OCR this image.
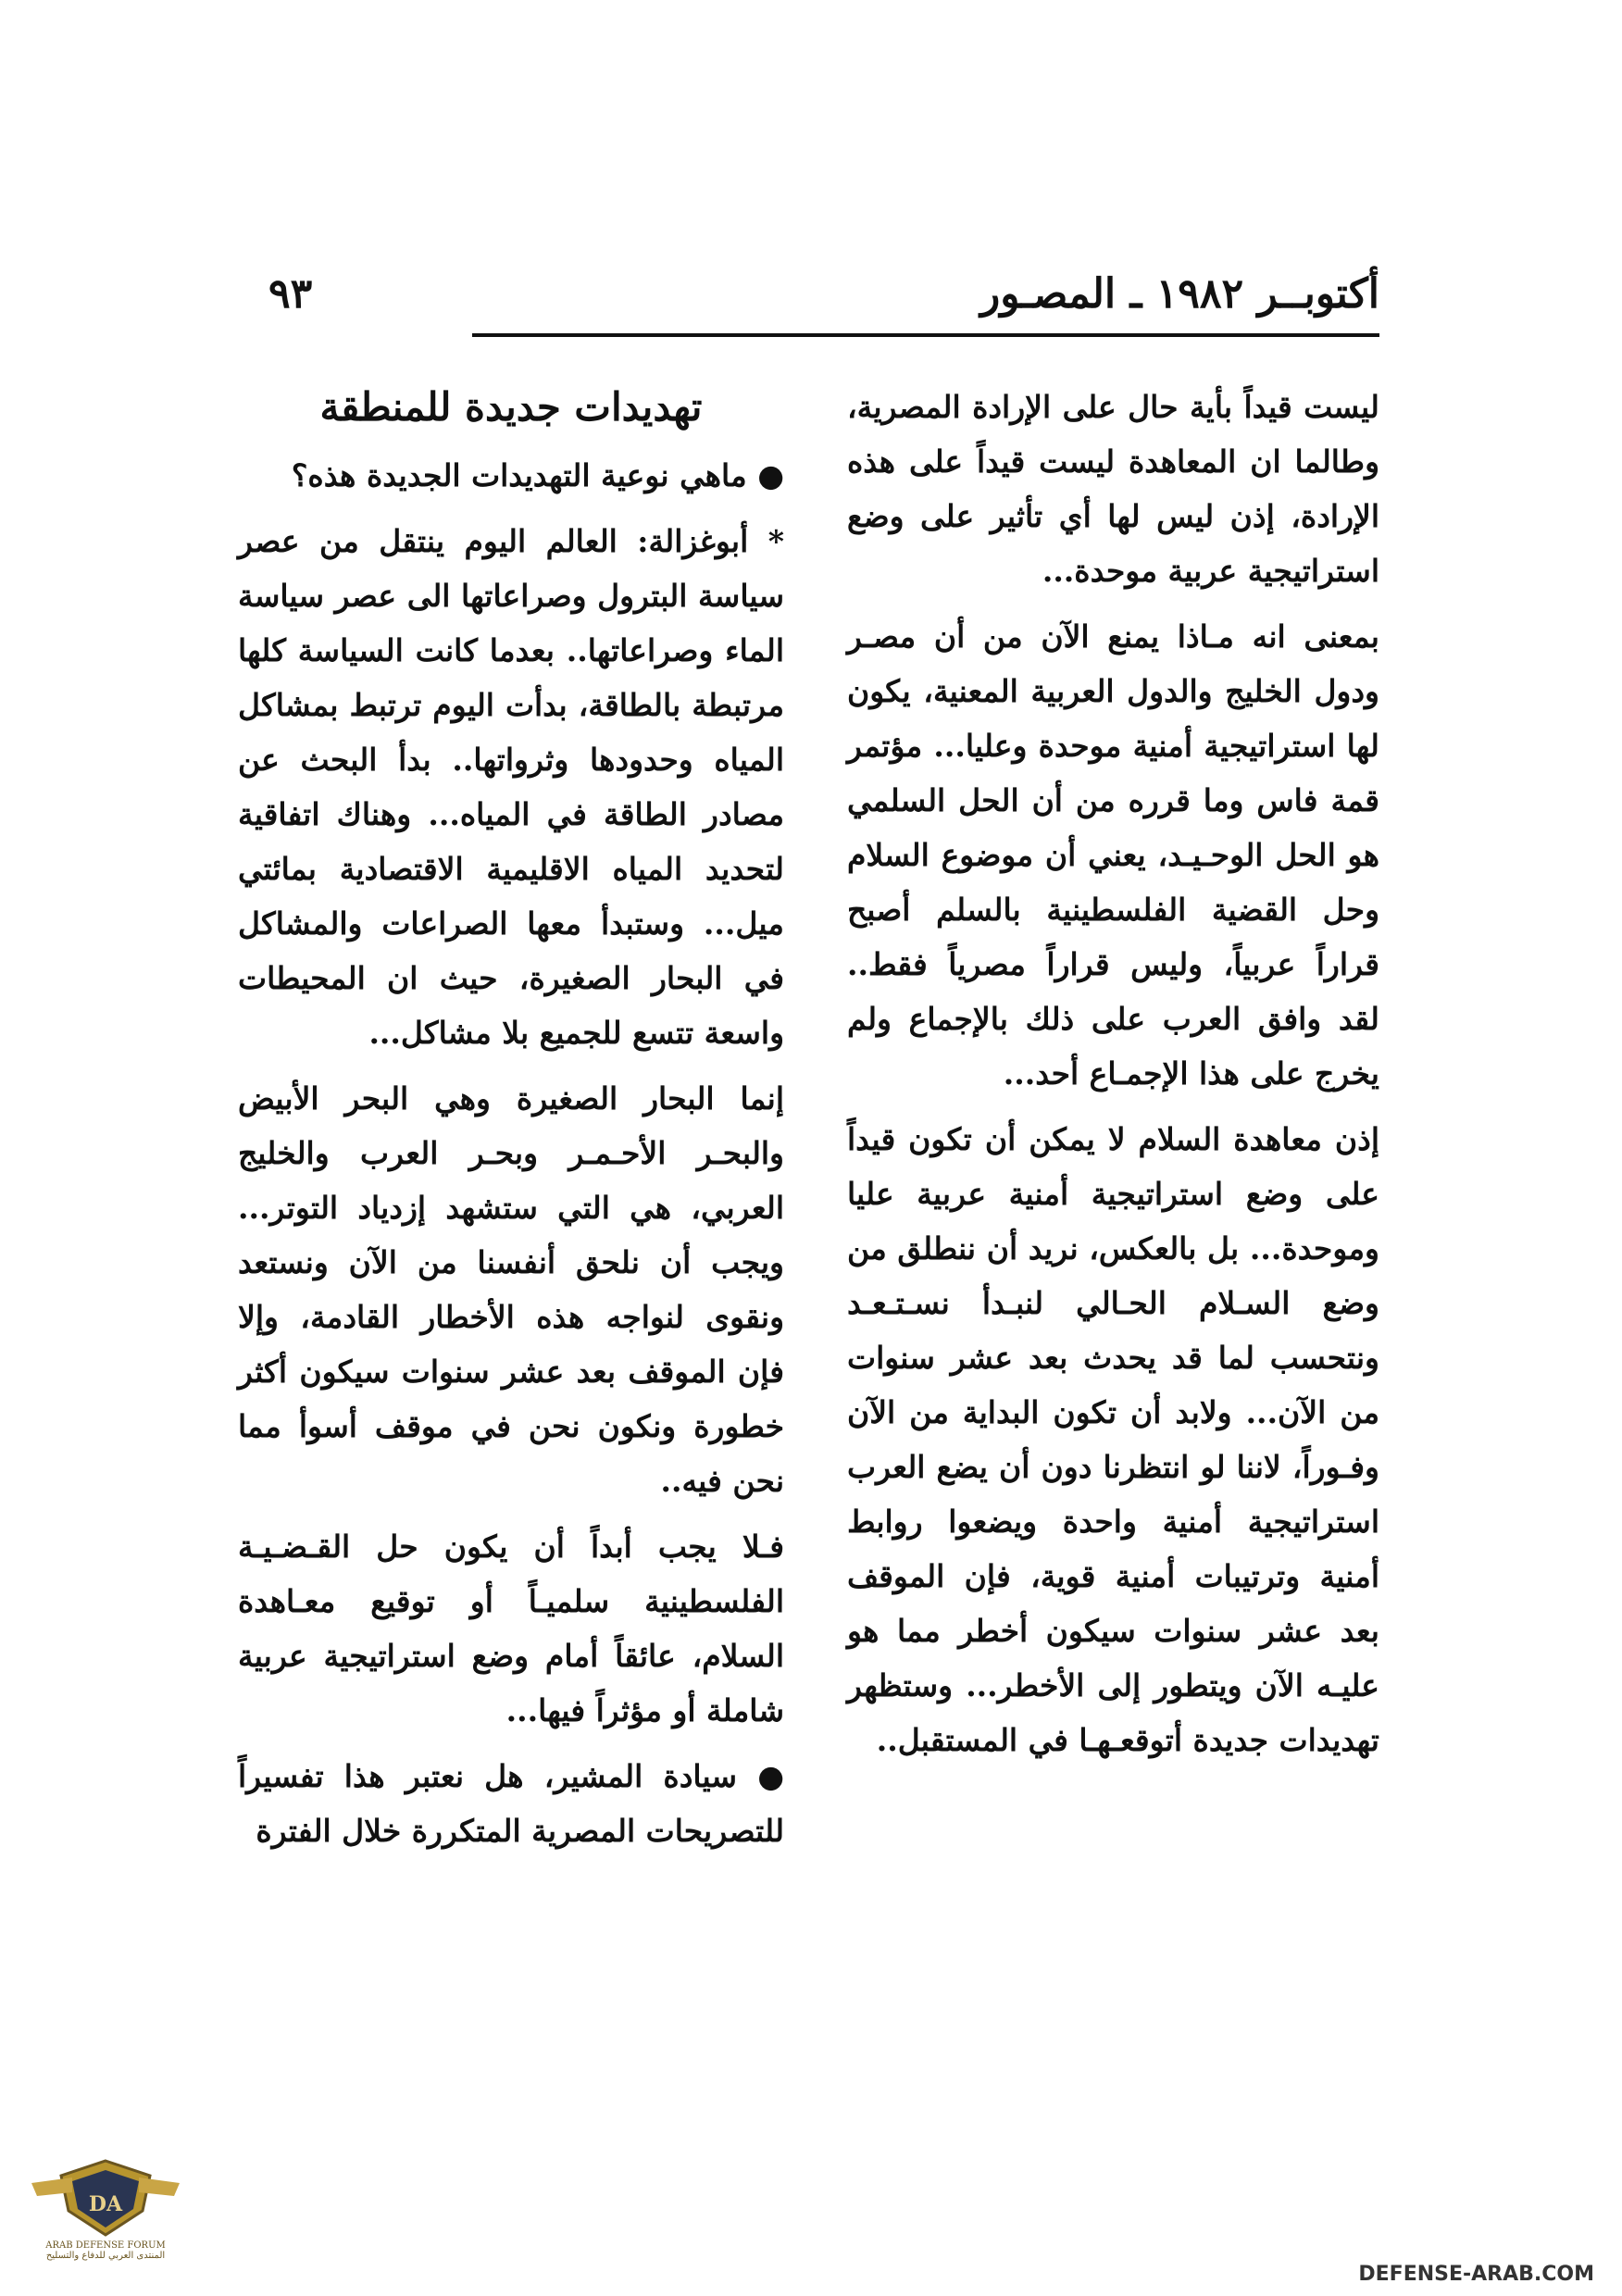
أكتوبــر ١٩٨٢ ـ المصـور
٩٣

ليست قيداً بأية حال على الإرادة المصرية، وطالما ان المعاهدة ليست قيداً على هذه الإرادة، إذن ليس لها أي تأثير على وضع استراتيجية عربية موحدة...

بمعنى انه مـاذا يمنع الآن من أن مصـر ودول الخليج والدول العربية المعنية، يكون لها استراتيجية أمنية موحدة وعليا... مؤتمر قمة فاس وما قرره من أن الحل السلمي هو الحل الوحـيـد، يعني أن موضوع السلام وحل القضية الفلسطينية بالسلم أصبح قراراً عربياً، وليس قراراً مصرياً فقط.. لقد وافق العرب على ذلك بالإجماع ولم يخرج على هذا الإجمـاع أحد...

إذن معاهدة السلام لا يمكن أن تكون قيداً على وضع استراتيجية أمنية عربية عليا وموحدة... بل بالعكس، نريد أن ننطلق من وضع السـلام الحـالي لنبـدأ نسـتـعـد ونتحسب لما قد يحدث بعد عشر سنوات من الآن... ولابد أن تكون البداية من الآن وفـوراً، لاننا لو انتظرنا دون أن يضع العرب استراتيجية أمنية واحدة ويضعوا روابط أمنية وترتيبات أمنية قوية، فإن الموقف بعد عشر سنوات سيكون أخطر مما هو عليـه الآن ويتطور إلى الأخطر... وستظهر تهديدات جديدة أتوقعـهـا في المستقبل..

تهديدات جديدة للمنطقة

● ماهي نوعية التهديدات الجديدة هذه؟

* أبوغزالة: العالم اليوم ينتقل من عصر سياسة البترول وصراعاتها الى عصر سياسة الماء وصراعاتها.. بعدما كانت السياسة كلها مرتبطة بالطاقة، بدأت اليوم ترتبط بمشاكل المياه وحدودها وثرواتها.. بدأ البحث عن مصادر الطاقة في المياه... وهناك اتفاقية لتحديد المياه الاقليمية الاقتصادية بمائتي ميل... وستبدأ معها الصراعات والمشاكل في البحار الصغيرة، حيث ان المحيطات واسعة تتسع للجميع بلا مشاكل...

إنما البحار الصغيرة وهي البحر الأبيض والبحـر الأحـمـر وبحـر العرب والخليج العربي، هي التي ستشهد إزدياد التوتر... ويجب أن نلحق أنفسنا من الآن ونستعد ونقوى لنواجه هذه الأخطار القادمة، وإلا فإن الموقف بعد عشر سنوات سيكون أكثر خطورة ونكون نحن في موقف أسوأ مما نحن فيه..

فـلا يجب أبداً أن يكون حل القـضـيـة الفلسطينية سلميـاً أو توقيع معـاهدة السلام، عائقاً أمام وضع استراتيجية عربية شاملة أو مؤثراً فيها...

● سيادة المشير، هل نعتبر هذا تفسيراً للتصريحات المصرية المتكررة خلال الفترة

DA
ARAB DEFENSE FORUM
المنتدى العربي للدفاع والتسليح
DEFENSE-ARAB.COM
